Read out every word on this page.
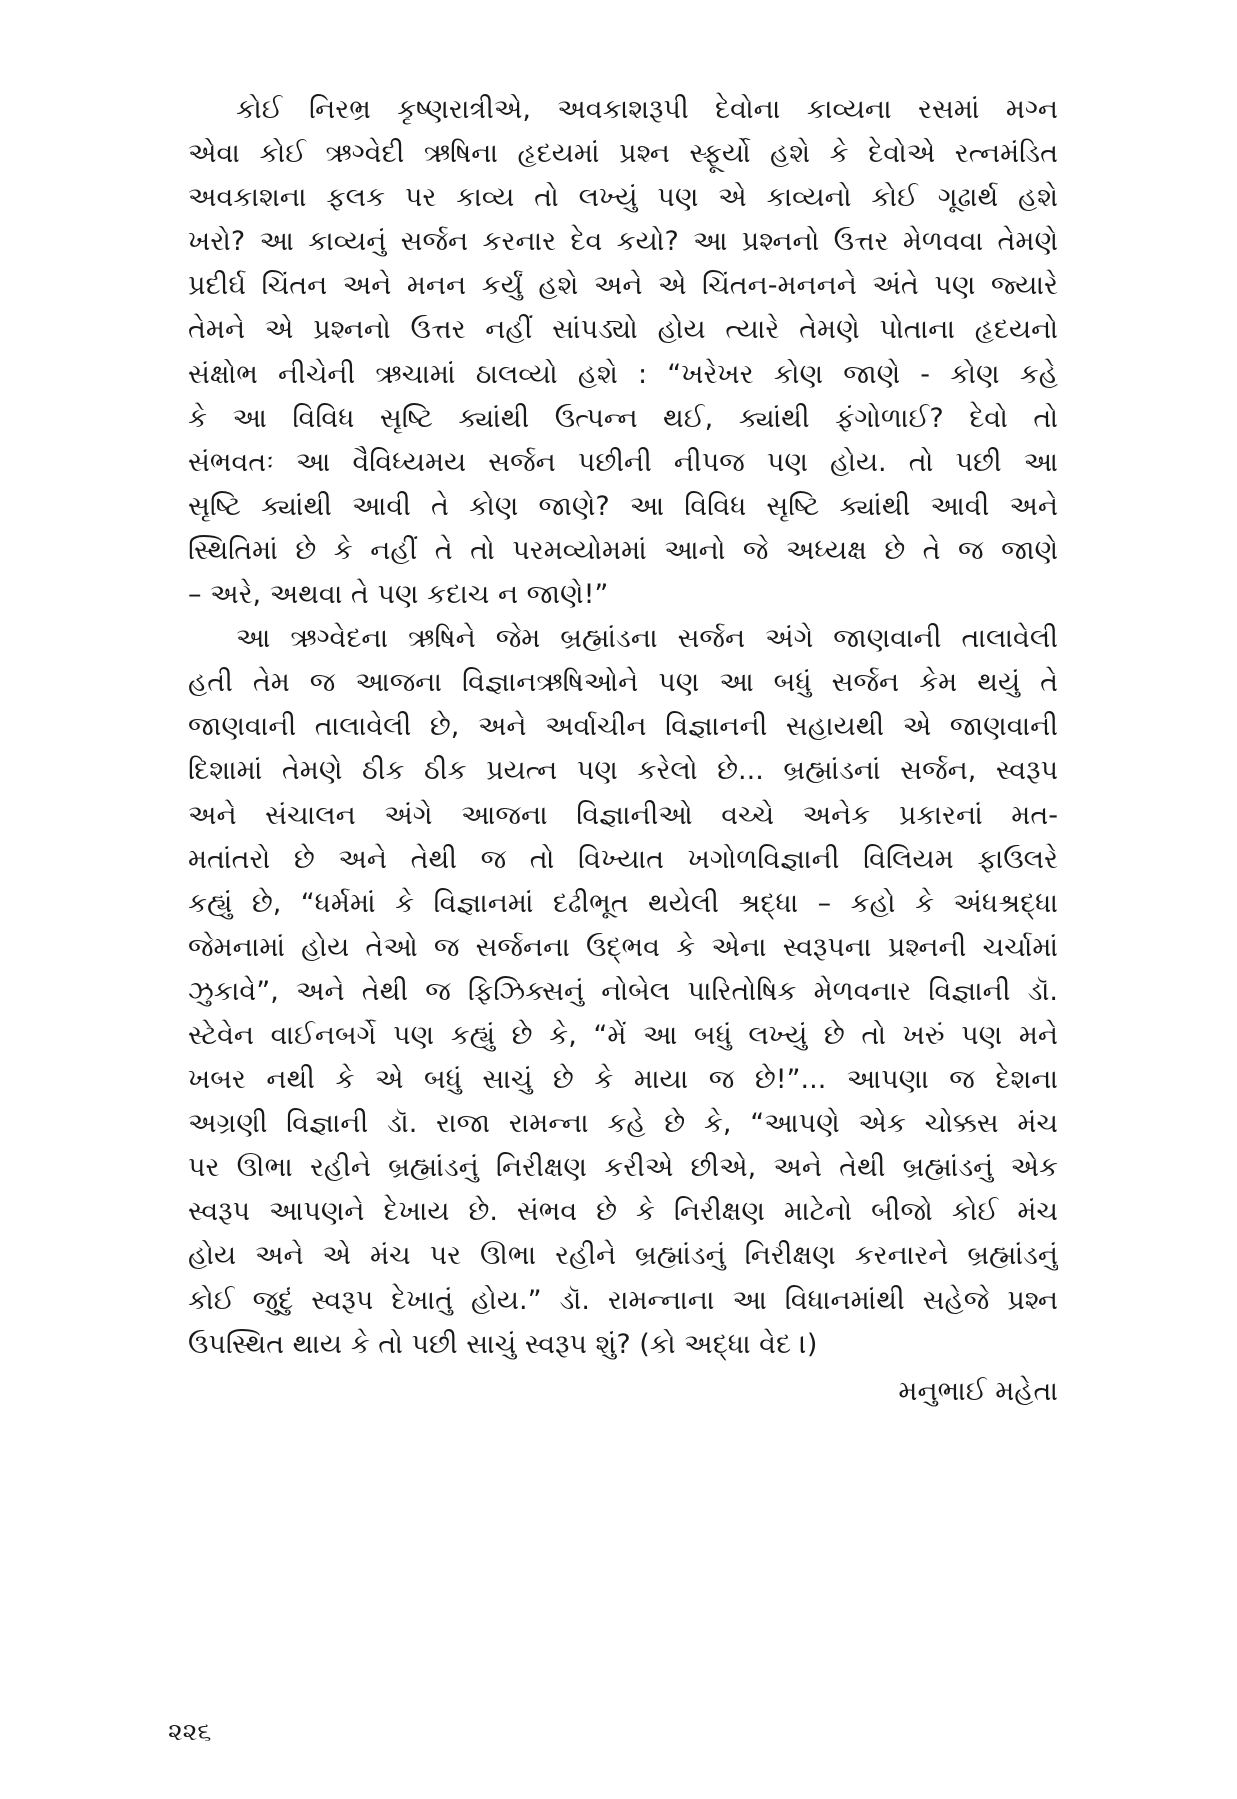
કોઈ નિરભ્ર કૃષ્ણરાત્રીએ, અવકાશરૂપી દેવોના કાવ્યના રસમાં મગ્ન
એવા કોઈ ઋગ્વેદી ઋષિના હૃદયમાં પ્રશ્ન સ્ફૂર્યો હશે કે દેવોએ રત્નમંડિત
અવકાશના ફલક પર કાવ્ય તો લખ્યું પણ એ કાવ્યનો કોઈ ગૂઢાર્થ હશે
ખરો? આ કાવ્યનું સર્જન કરનાર દેવ કયો? આ પ્રશ્નનો ઉત્તર મેળવવા તેમણે
પ્રદીર્ઘ ચિંતન અને મનન કર્યું હશે અને એ ચિંતન-મનનને અંતે પણ જ્યારે
તેમને એ પ્રશ્નનો ઉત્તર નહીં સાંપડ્યો હોય ત્યારે તેમણે પોતાના હૃદયનો
સંક્ષોભ નીચેની ઋચામાં ઠાલવ્યો હશે : “ખરેખર કોણ જાણે - કોણ કહે
કે આ વિવિધ સૃષ્ટિ ક્યાંથી ઉત્પન્ન થઈ, ક્યાંથી ફંગોળાઈ? દેવો તો
સંભવતઃ આ વૈવિધ્યમય સર્જન પછીની નીપજ પણ હોય. તો પછી આ
સૃષ્ટિ ક્યાંથી આવી તે કોણ જાણે? આ વિવિધ સૃષ્ટિ ક્યાંથી આવી અને
સ્થિતિમાં છે કે નહીં તે તો પરમવ્યોમમાં આનો જે અધ્યક્ષ છે તે જ જાણે
– અરે, અથવા તે પણ કદાચ ન જાણે!”
આ ઋગ્વેદના ઋષિને જેમ બ્રહ્માંડના સર્જન અંગે જાણવાની તાલાવેલી
હતી તેમ જ આજના વિજ્ઞાનઋષિઓને પણ આ બધું સર્જન કેમ થયું તે
જાણવાની તાલાવેલી છે, અને અર્વાચીન વિજ્ઞાનની સહાયથી એ જાણવાની
દિશામાં તેમણે ઠીક ઠીક પ્રયત્ન પણ કરેલો છે... બ્રહ્માંડનાં સર્જન, સ્વરૂપ
અને સંચાલન અંગે આજના વિજ્ઞાનીઓ વચ્ચે અનેક પ્રકારનાં મત-
મતાંતરો છે અને તેથી જ તો વિખ્યાત ખગોળવિજ્ઞાની વિલિયમ ફાઉલરે
કહ્યું છે, “ધર્મમાં કે વિજ્ઞાનમાં દઢીભૂત થયેલી શ્રદ્ધા – કહો કે અંધશ્રદ્ધા
જેમનામાં હોય તેઓ જ સર્જનના ઉદ્‌ભવ કે એના સ્વરૂપના પ્રશ્નની ચર્ચામાં
ઝુકાવે”, અને તેથી જ ફિઝિક્સનું નોબેલ પારિતોષિક મેળવનાર વિજ્ઞાની ડૉ.
સ્ટેવેન વાઈનબર્ગે પણ કહ્યું છે કે, “મેં આ બધું લખ્યું છે તો ખરું પણ મને
ખબર નથી કે એ બધું સાચું છે કે માયા જ છે!”... આપણા જ દેશના
અગ્રણી વિજ્ઞાની ડૉ. રાજા રામન્ના કહે છે કે, “આપણે એક ચોક્કસ મંચ
પર ઊભા રહીને બ્રહ્માંડનું નિરીક્ષણ કરીએ છીએ, અને તેથી બ્રહ્માંડનું એક
સ્વરૂપ આપણને દેખાય છે. સંભવ છે કે નિરીક્ષણ માટેનો બીજો કોઈ મંચ
હોય અને એ મંચ પર ઊભા રહીને બ્રહ્માંડનું નિરીક્ષણ કરનારને બ્રહ્માંડનું
કોઈ જુદું સ્વરૂપ દેખાતું હોય.” ડૉ. રામન્નાના આ વિધાનમાંથી સહેજે પ્રશ્ન
ઉપસ્થિત થાય કે તો પછી સાચું સ્વરૂપ શું? (કો અદ્ધા વેદ ।)
મનુભાઈ મહેતા
૨૨૬
